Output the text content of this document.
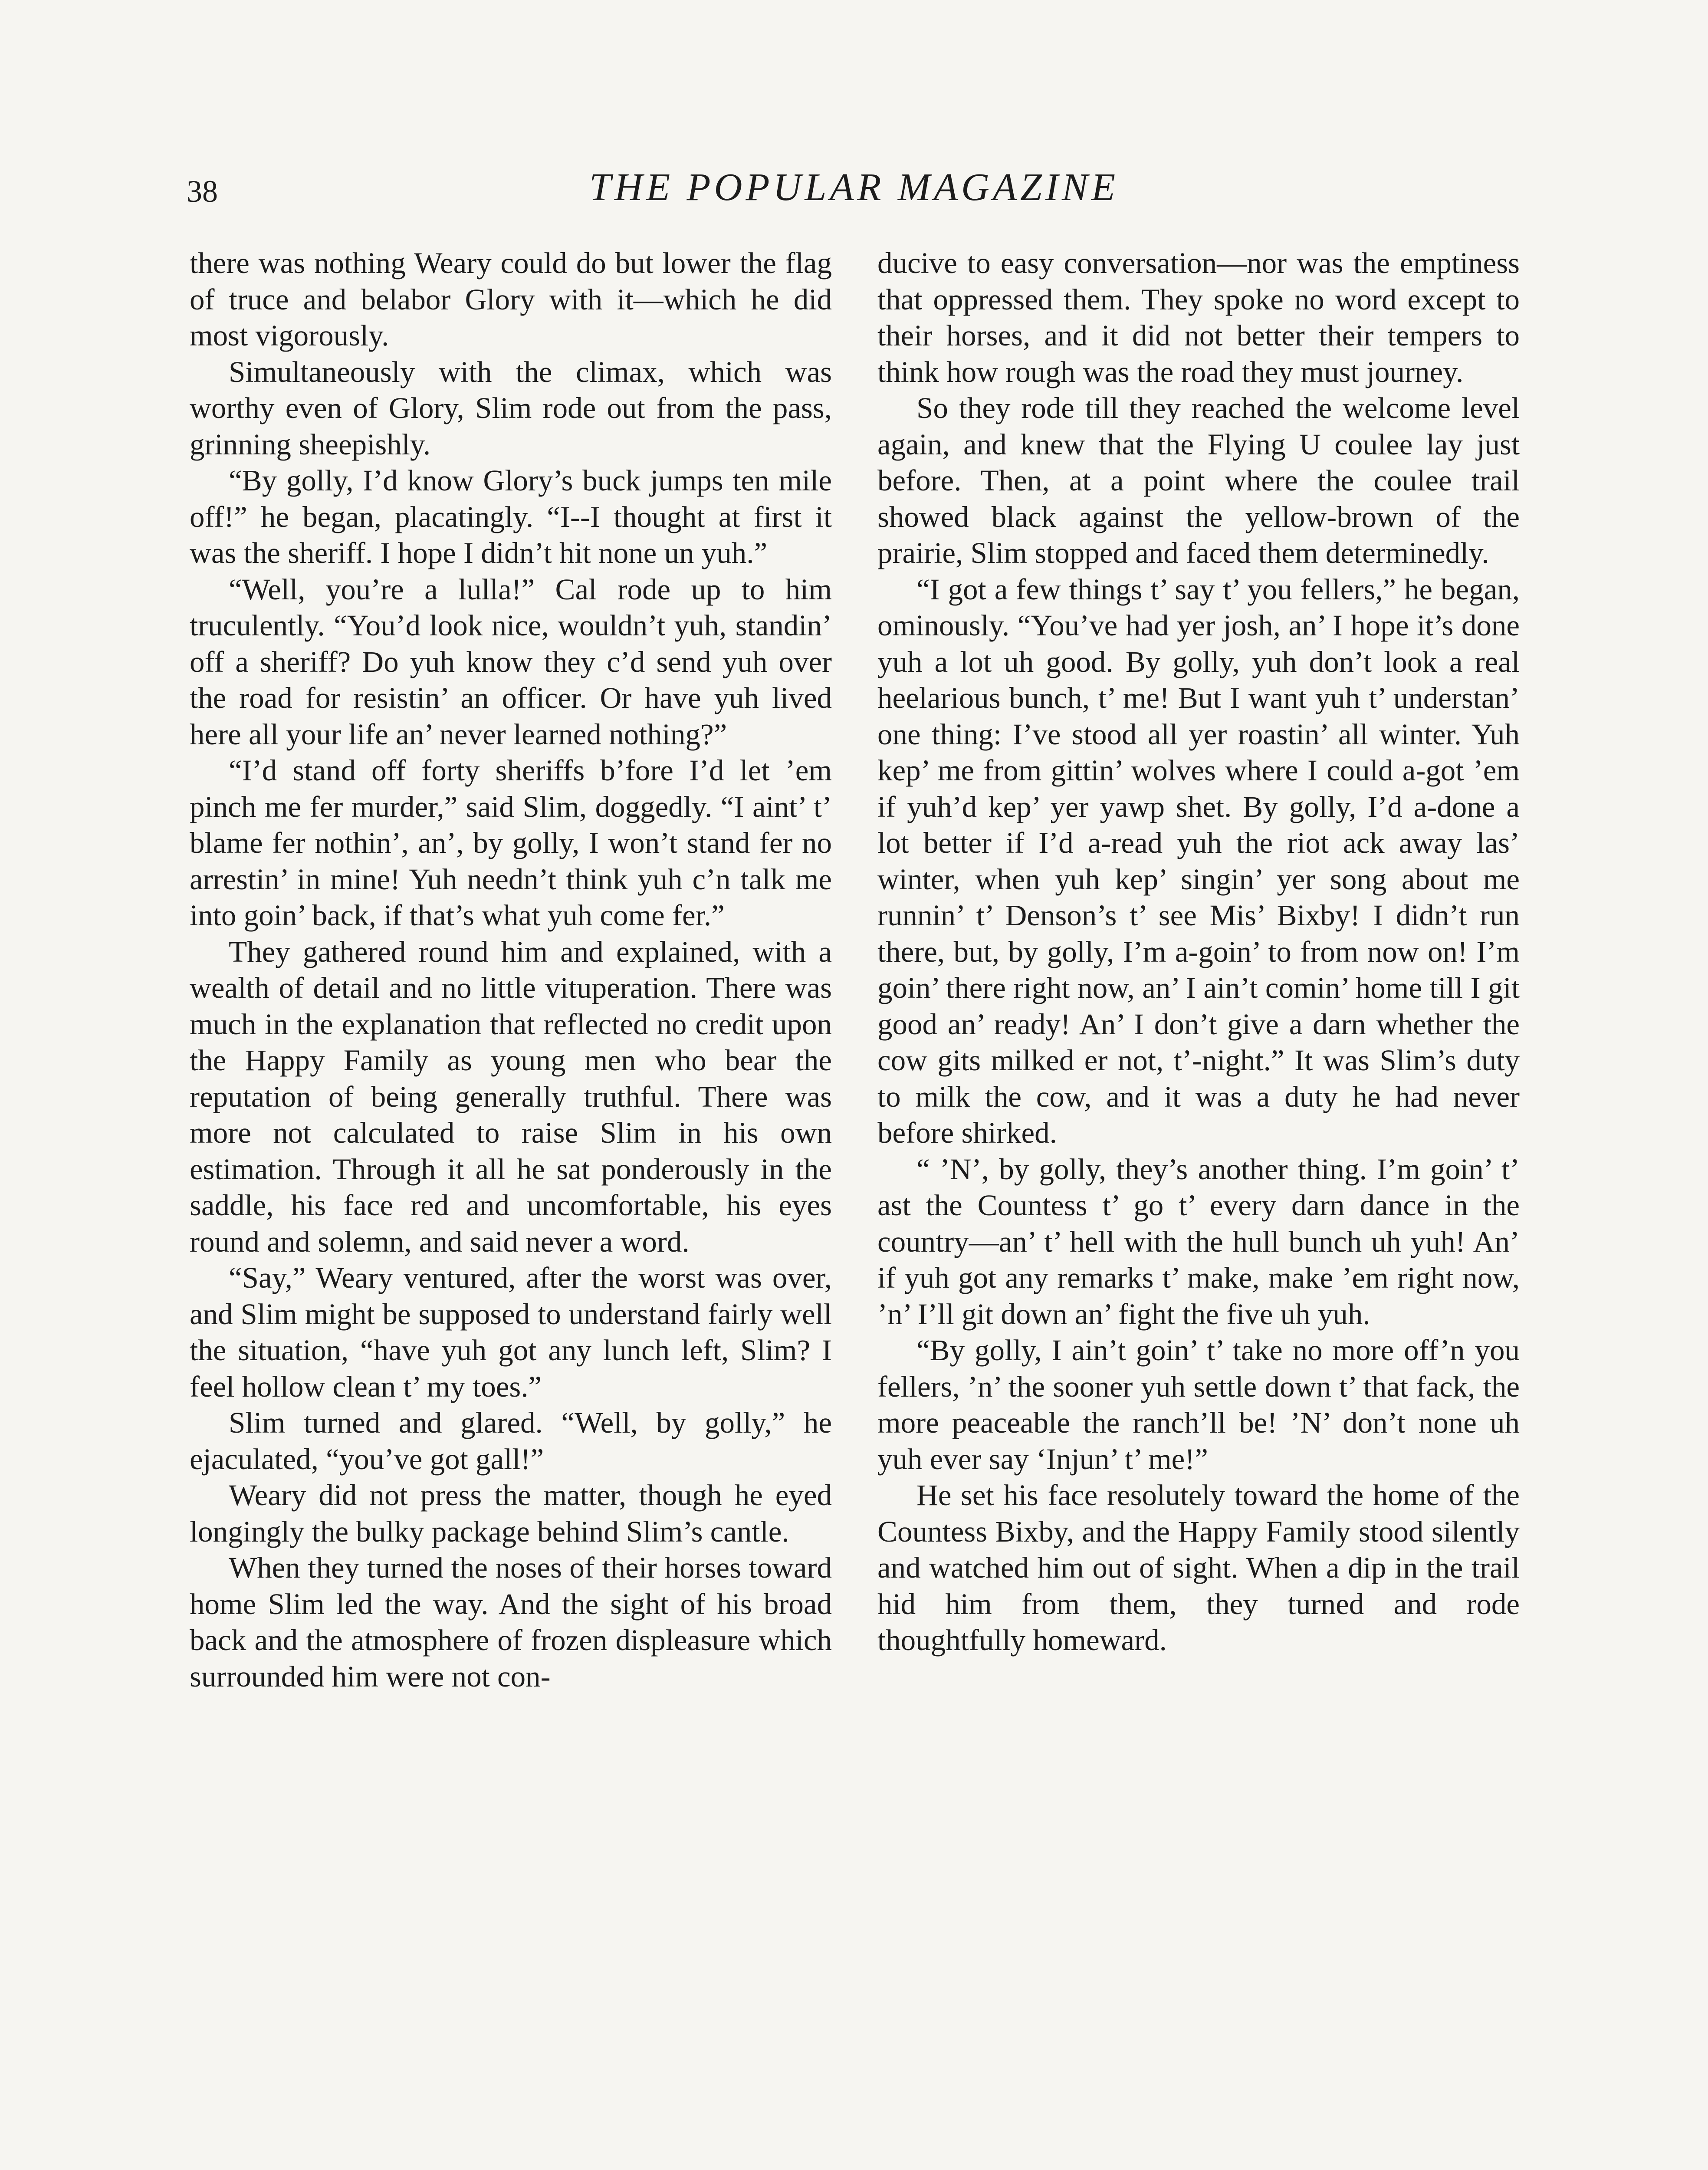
38	THE POPULAR MAGAZINE

there was nothing Weary could do but lower the flag of truce and belabor Glory with it—which he did most vigorously.

Simultaneously with the climax, which was worthy even of Glory, Slim rode out from the pass, grinning sheepishly.

“By golly, I’d know Glory’s buck jumps ten mile off!” he began, placatingly. “I--I thought at first it was the sheriff. I hope I didn’t hit none un yuh.”

“Well, you’re a lulla!” Cal rode up to him truculently. “You’d look nice, wouldn’t yuh, standin’ off a sheriff? Do yuh know they c’d send yuh over the road for resistin’ an officer. Or have yuh lived here all your life an’ never learned nothing?”

“I’d stand off forty sheriffs b’fore I’d let ’em pinch me fer murder,” said Slim, doggedly. “I aint’ t’ blame fer nothin’, an’, by golly, I won’t stand fer no arrestin’ in mine! Yuh needn’t think yuh c’n talk me into goin’ back, if that’s what yuh come fer.”

They gathered round him and explained, with a wealth of detail and no little vituperation. There was much in the explanation that reflected no credit upon the Happy Family as young men who bear the reputation of being generally truthful. There was more not calculated to raise Slim in his own estimation. Through it all he sat ponderously in the saddle, his face red and uncomfortable, his eyes round and solemn, and said never a word.

“Say,” Weary ventured, after the worst was over, and Slim might be supposed to understand fairly well the situation, “have yuh got any lunch left, Slim? I feel hollow clean t’ my toes.”

Slim turned and glared. “Well, by golly,” he ejaculated, “you’ve got gall!”

Weary did not press the matter, though he eyed longingly the bulky package behind Slim’s cantle.

When they turned the noses of their horses toward home Slim led the way. And the sight of his broad back and the atmosphere of frozen displeasure which surrounded him were not con-

ducive to easy conversation—nor was the emptiness that oppressed them. They spoke no word except to their horses, and it did not better their tempers to think how rough was the road they must journey.

So they rode till they reached the welcome level again, and knew that the Flying U coulee lay just before. Then, at a point where the coulee trail showed black against the yellow-brown of the prairie, Slim stopped and faced them determinedly.

“I got a few things t’ say t’ you fellers,” he began, ominously. “You’ve had yer josh, an’ I hope it’s done yuh a lot uh good. By golly, yuh don’t look a real heelarious bunch, t’ me! But I want yuh t’ understan’ one thing: I’ve stood all yer roastin’ all winter. Yuh kep’ me from gittin’ wolves where I could a-got ’em if yuh’d kep’ yer yawp shet. By golly, I’d a-done a lot better if I’d a-read yuh the riot ack away las’ winter, when yuh kep’ singin’ yer song about me runnin’ t’ Denson’s t’ see Mis’ Bixby! I didn’t run there, but, by golly, I’m a-goin’ to from now on! I’m goin’ there right now, an’ I ain’t comin’ home till I git good an’ ready! An’ I don’t give a darn whether the cow gits milked er not, t’-night.” It was Slim’s duty to milk the cow, and it was a duty he had never before shirked.

“ ’N’, by golly, they’s another thing. I’m goin’ t’ ast the Countess t’ go t’ every darn dance in the country—an’ t’ hell with the hull bunch uh yuh! An’ if yuh got any remarks t’ make, make ’em right now, ’n’ I’ll git down an’ fight the five uh yuh.

“By golly, I ain’t goin’ t’ take no more off’n you fellers, ’n’ the sooner yuh settle down t’ that fack, the more peaceable the ranch’ll be! ’N’ don’t none uh yuh ever say ‘Injun’ t’ me!”

He set his face resolutely toward the home of the Countess Bixby, and the Happy Family stood silently and watched him out of sight. When a dip in the trail hid him from them, they turned and rode thoughtfully homeward.
